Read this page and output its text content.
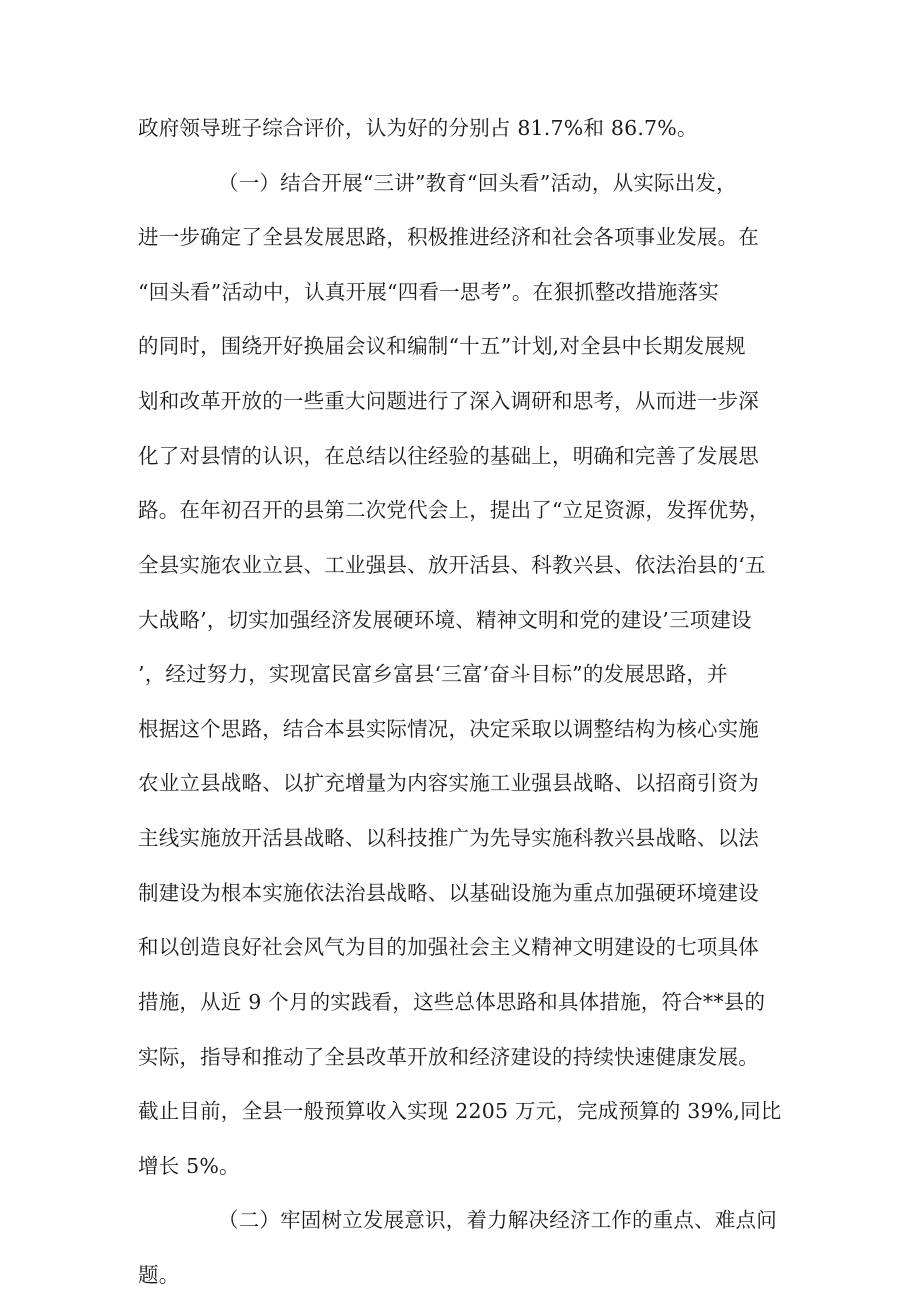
政府领导班子综合评价，认为好的分别占 81.7%和 86.7%。

（一）结合开展“三讲”教育“回头看”活动，从实际出发，

进一步确定了全县发展思路，积极推进经济和社会各项事业发展。在

“回头看”活动中，认真开展“四看一思考”。在狠抓整改措施落实

的同时，围绕开好换届会议和编制“十五”计划,对全县中长期发展规

划和改革开放的一些重大问题进行了深入调研和思考，从而进一步深

化了对县情的认识，在总结以往经验的基础上，明确和完善了发展思

路。在年初召开的县第二次党代会上，提出了“立足资源，发挥优势，

全县实施农业立县、工业强县、放开活县、科教兴县、依法治县的‘五

大战略’，切实加强经济发展硬环境、精神文明和党的建设’三项建设

’，经过努力，实现富民富乡富县‘三富’奋斗目标”的发展思路，并

根据这个思路，结合本县实际情况，决定采取以调整结构为核心实施

农业立县战略、以扩充增量为内容实施工业强县战略、以招商引资为

主线实施放开活县战略、以科技推广为先导实施科教兴县战略、以法

制建设为根本实施依法治县战略、以基础设施为重点加强硬环境建设

和以创造良好社会风气为目的加强社会主义精神文明建设的七项具体

措施，从近 9 个月的实践看，这些总体思路和具体措施，符合**县的

实际，指导和推动了全县改革开放和经济建设的持续快速健康发展。

截止目前，全县一般预算收入实现 2205 万元，完成预算的 39%,同比

增长 5%。

（二）牢固树立发展意识，着力解决经济工作的重点、难点问

题。
